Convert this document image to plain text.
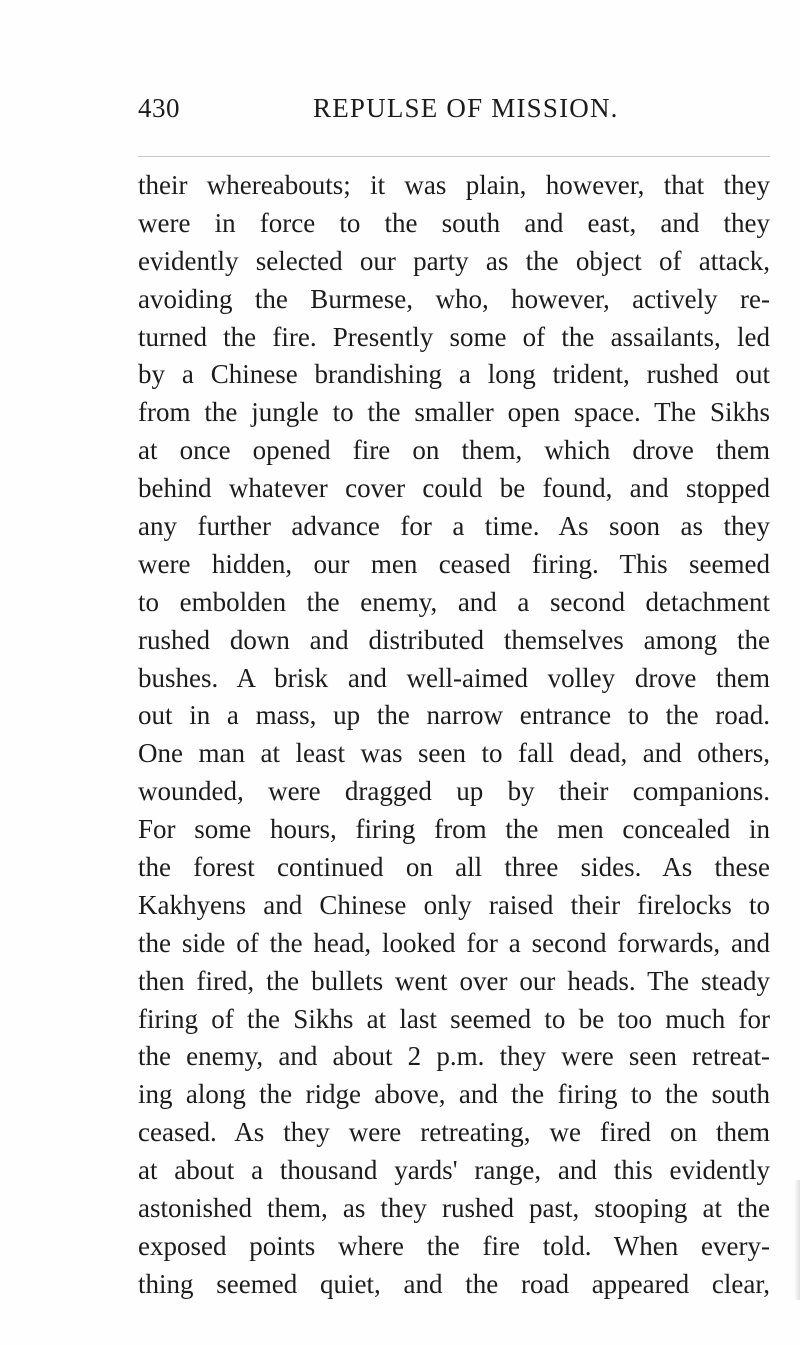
430	REPULSE OF MISSION.
their whereabouts; it was plain, however, that they
were in force to the south and east, and they
evidently selected our party as the object of attack,
avoiding the Burmese, who, however, actively re-
turned the fire. Presently some of the assailants, led
by a Chinese brandishing a long trident, rushed out
from the jungle to the smaller open space. The Sikhs
at once opened fire on them, which drove them
behind whatever cover could be found, and stopped
any further advance for a time. As soon as they
were hidden, our men ceased firing. This seemed
to embolden the enemy, and a second detachment
rushed down and distributed themselves among the
bushes. A brisk and well-aimed volley drove them
out in a mass, up the narrow entrance to the road.
One man at least was seen to fall dead, and others,
wounded, were dragged up by their companions.
For some hours, firing from the men concealed in
the forest continued on all three sides. As these
Kakhyens and Chinese only raised their firelocks to
the side of the head, looked for a second forwards, and
then fired, the bullets went over our heads. The steady
firing of the Sikhs at last seemed to be too much for
the enemy, and about 2 p.m. they were seen retreat-
ing along the ridge above, and the firing to the south
ceased. As they were retreating, we fired on them
at about a thousand yards' range, and this evidently
astonished them, as they rushed past, stooping at the
exposed points where the fire told. When every-
thing seemed quiet, and the road appeared clear,
